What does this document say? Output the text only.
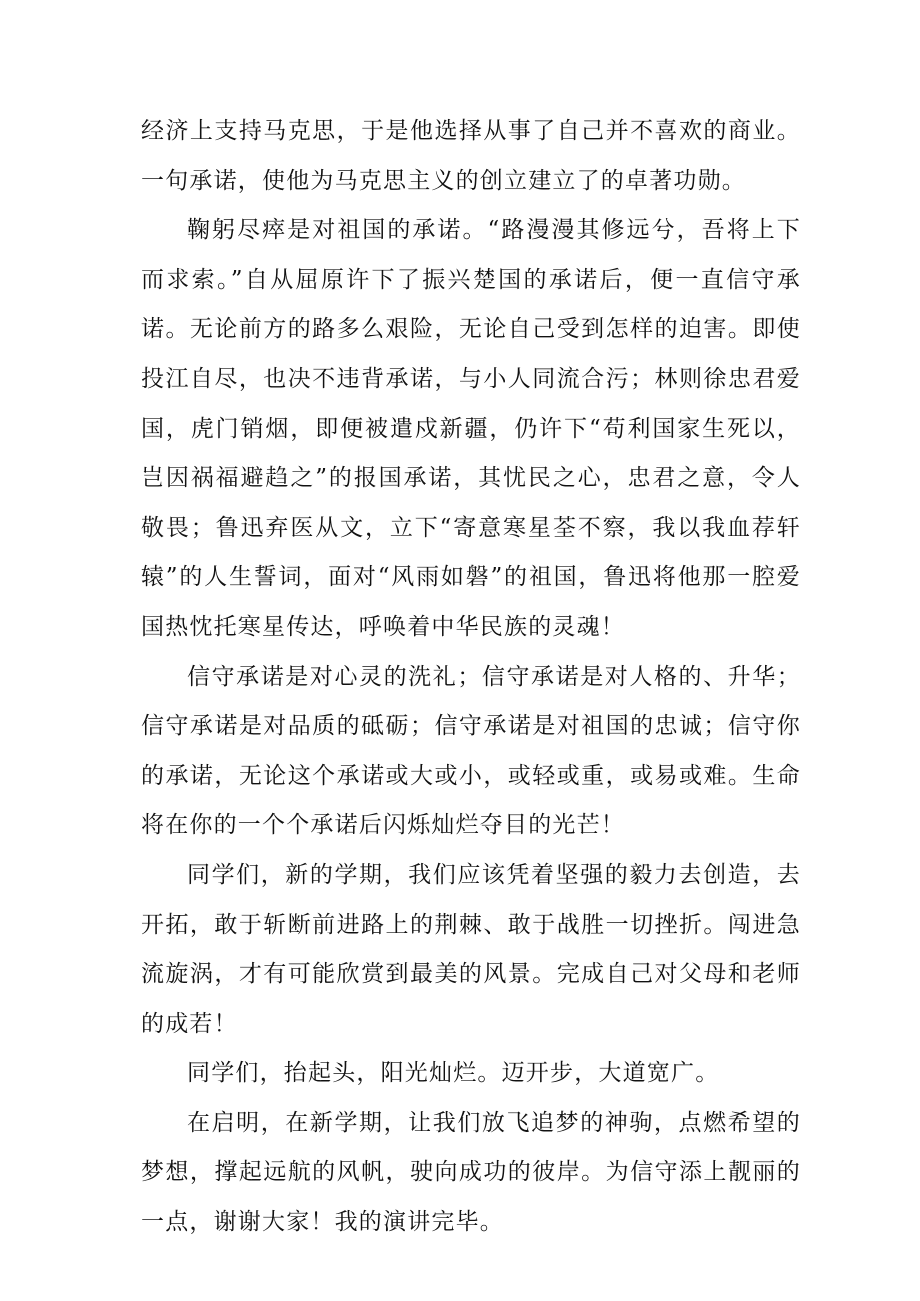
经济上支持马克思，于是他选择从事了自己并不喜欢的商业。一句承诺，使他为马克思主义的创立建立了的卓著功勋。

鞠躬尽瘁是对祖国的承诺。“路漫漫其修远兮，吾将上下而求索。”自从屈原许下了振兴楚国的承诺后，便一直信守承诺。无论前方的路多么艰险，无论自己受到怎样的迫害。即使投江自尽，也决不违背承诺，与小人同流合污；林则徐忠君爱国，虎门销烟，即便被遣戍新疆，仍许下“苟利国家生死以，岂因祸福避趋之”的报国承诺，其忧民之心，忠君之意，令人敬畏；鲁迅弃医从文，立下“寄意寒星荃不察，我以我血荐轩辕”的人生誓词，面对“风雨如磐”的祖国，鲁迅将他那一腔爱国热忱托寒星传达，呼唤着中华民族的灵魂！

信守承诺是对心灵的洗礼；信守承诺是对人格的、升华；信守承诺是对品质的砥砺；信守承诺是对祖国的忠诚；信守你的承诺，无论这个承诺或大或小，或轻或重，或易或难。生命将在你的一个个承诺后闪烁灿烂夺目的光芒！

同学们，新的学期，我们应该凭着坚强的毅力去创造，去开拓，敢于斩断前进路上的荆棘、敢于战胜一切挫折。闯进急流旋涡，才有可能欣赏到最美的风景。完成自己对父母和老师的成若！

同学们，抬起头，阳光灿烂。迈开步，大道宽广。

在启明，在新学期，让我们放飞追梦的神驹，点燃希望的梦想，撑起远航的风帆，驶向成功的彼岸。为信守添上靓丽的一点，谢谢大家！我的演讲完毕。
